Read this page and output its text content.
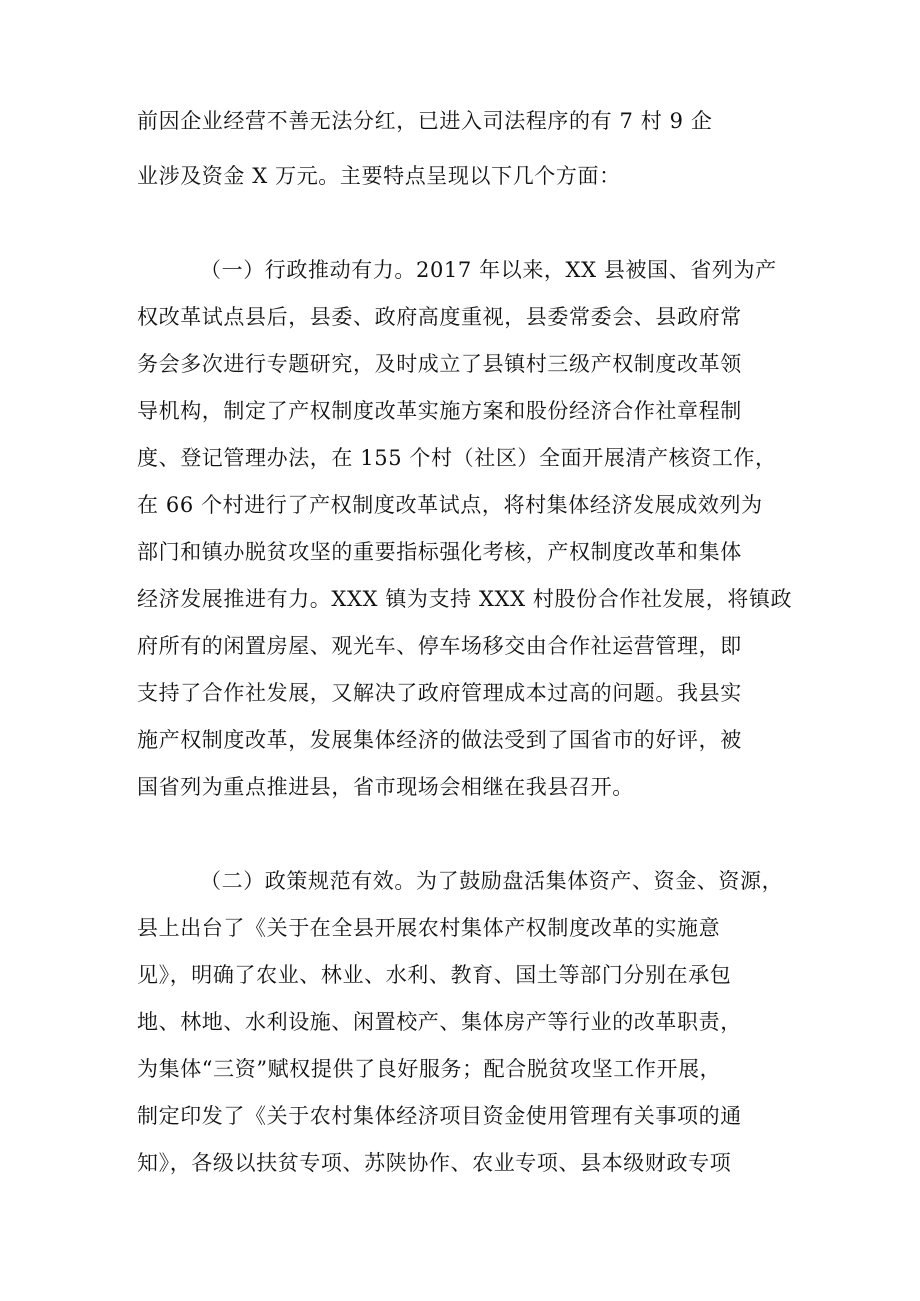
前因企业经营不善无法分红，已进入司法程序的有 7 村 9 企
业涉及资金 X 万元。主要特点呈现以下几个方面：
（一）行政推动有力。2017 年以来，XX 县被国、省列为产
权改革试点县后，县委、政府高度重视，县委常委会、县政府常
务会多次进行专题研究，及时成立了县镇村三级产权制度改革领
导机构，制定了产权制度改革实施方案和股份经济合作社章程制
度、登记管理办法，在 155 个村（社区）全面开展清产核资工作，
在 66 个村进行了产权制度改革试点，将村集体经济发展成效列为
部门和镇办脱贫攻坚的重要指标强化考核，产权制度改革和集体
经济发展推进有力。XXX 镇为支持 XXX 村股份合作社发展，将镇政
府所有的闲置房屋、观光车、停车场移交由合作社运营管理，即
支持了合作社发展，又解决了政府管理成本过高的问题。我县实
施产权制度改革，发展集体经济的做法受到了国省市的好评，被
国省列为重点推进县，省市现场会相继在我县召开。
（二）政策规范有效。为了鼓励盘活集体资产、资金、资源，
县上出台了《关于在全县开展农村集体产权制度改革的实施意
见》，明确了农业、林业、水利、教育、国土等部门分别在承包
地、林地、水利设施、闲置校产、集体房产等行业的改革职责，
为集体“三资”赋权提供了良好服务；配合脱贫攻坚工作开展，
制定印发了《关于农村集体经济项目资金使用管理有关事项的通
知》，各级以扶贫专项、苏陕协作、农业专项、县本级财政专项
